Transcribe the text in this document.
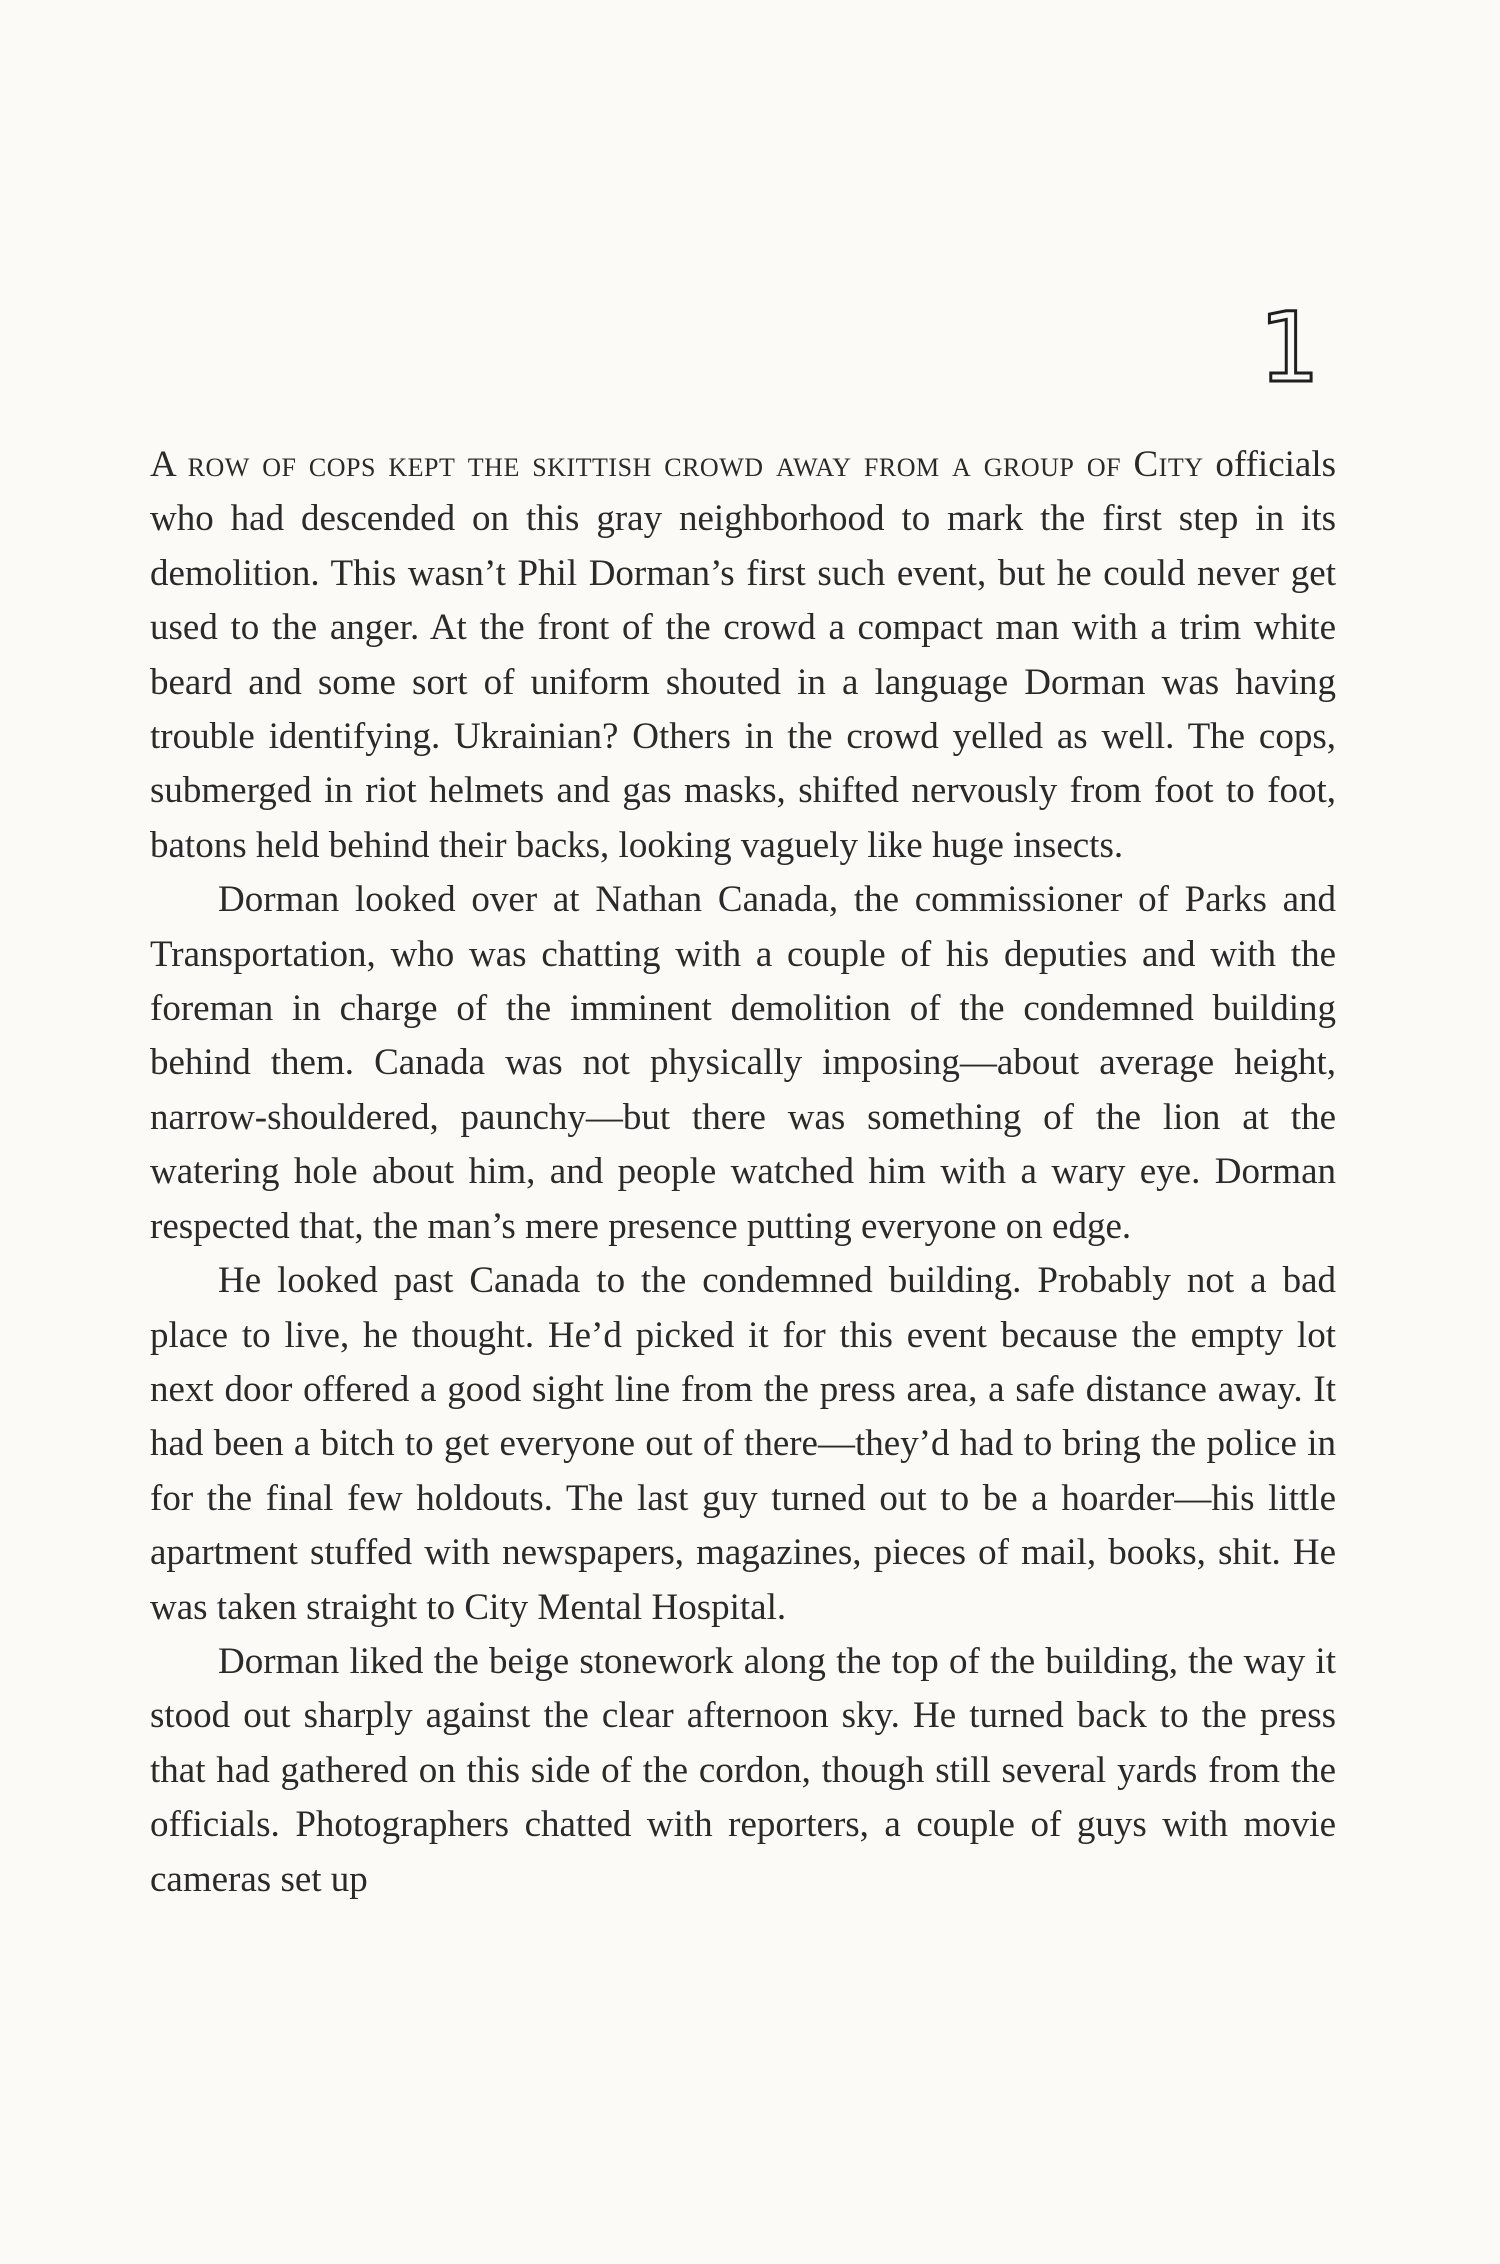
1

A row of cops kept the skittish crowd away from a group of City officials who had descended on this gray neighborhood to mark the first step in its demolition. This wasn’t Phil Dorman’s first such event, but he could never get used to the anger. At the front of the crowd a compact man with a trim white beard and some sort of uniform shouted in a language Dorman was having trouble identifying. Ukrainian? Others in the crowd yelled as well. The cops, submerged in riot helmets and gas masks, shifted nervously from foot to foot, batons held behind their backs, looking vaguely like huge insects.

Dorman looked over at Nathan Canada, the commissioner of Parks and Transportation, who was chatting with a couple of his deputies and with the foreman in charge of the imminent demolition of the condemned building behind them. Canada was not physically imposing—about average height, narrow-shouldered, paunchy—but there was something of the lion at the watering hole about him, and people watched him with a wary eye. Dorman respected that, the man’s mere presence putting everyone on edge.

He looked past Canada to the condemned building. Probably not a bad place to live, he thought. He’d picked it for this event because the empty lot next door offered a good sight line from the press area, a safe distance away. It had been a bitch to get everyone out of there—they’d had to bring the police in for the final few holdouts. The last guy turned out to be a hoarder—his little apartment stuffed with newspapers, magazines, pieces of mail, books, shit. He was taken straight to City Mental Hospital.

Dorman liked the beige stonework along the top of the building, the way it stood out sharply against the clear afternoon sky. He turned back to the press that had gathered on this side of the cordon, though still several yards from the officials. Photographers chatted with reporters, a couple of guys with movie cameras set up
